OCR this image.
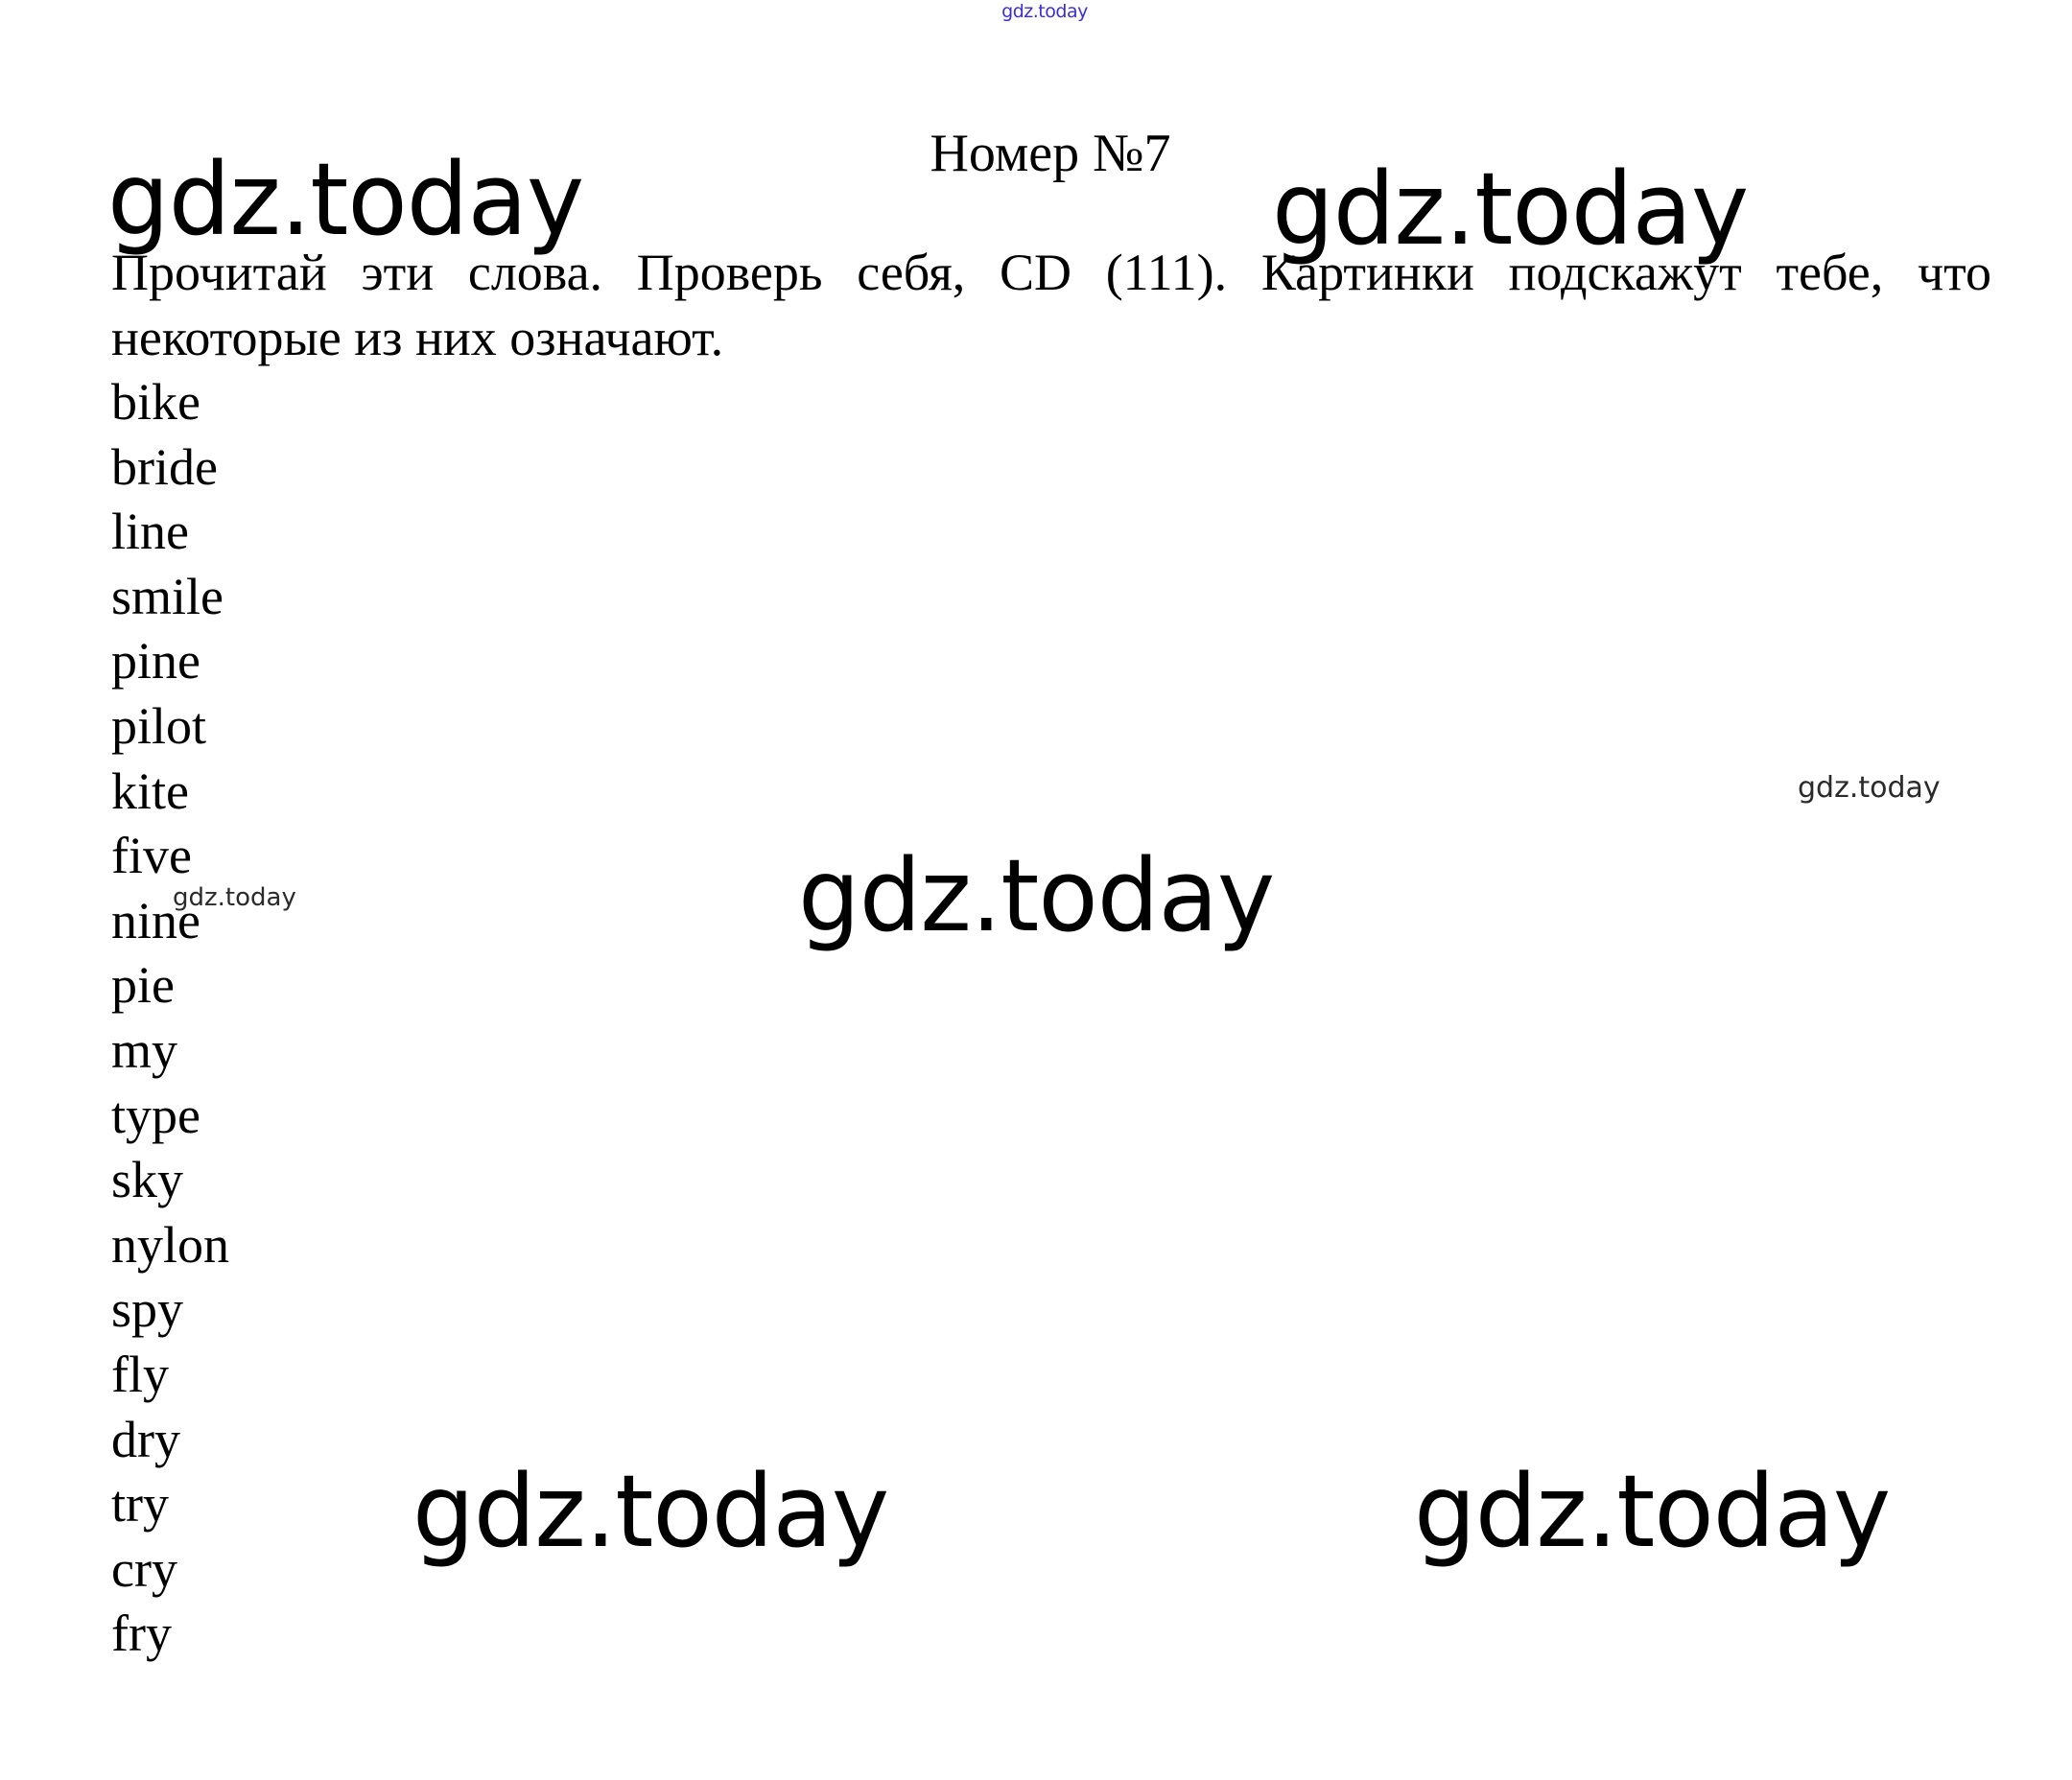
gdz.today
Номер №7
Прочитай эти слова. Проверь себя, CD (111). Картинки подскажут тебе, что некоторые из них означают.
bike
bride
line
smile
pine
pilot
kite
five
nine
pie
my
type
sky
nylon
spy
fly
dry
try
cry
fry
gdz.today	gdz.today
gdz.today
gdz.today	gdz.today
gdz.today
gdz.today
